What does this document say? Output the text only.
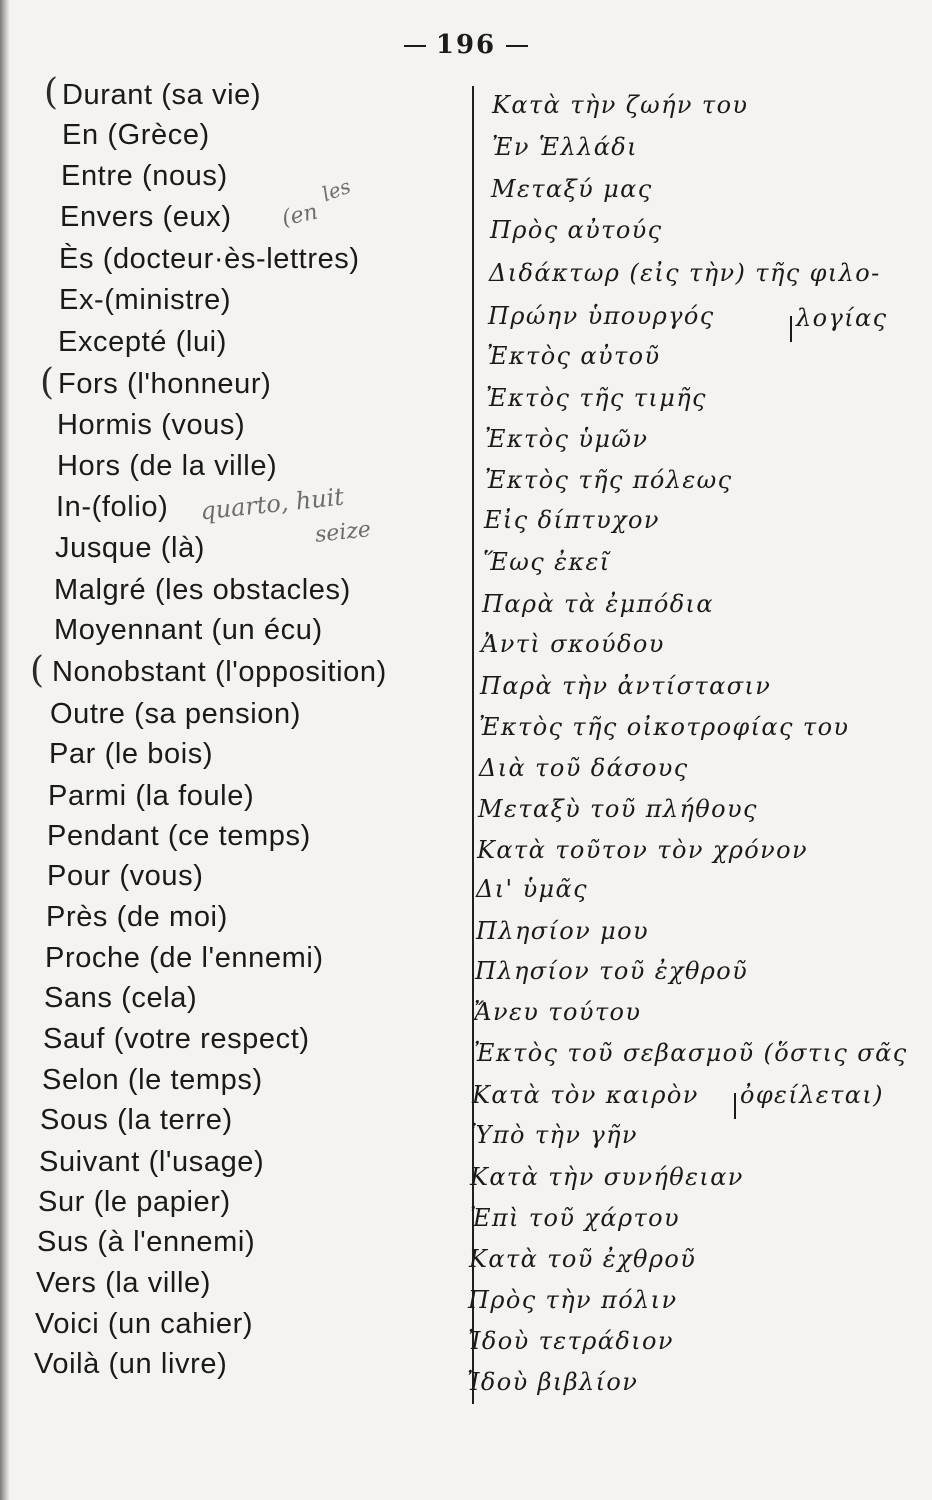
196
Durant (sa vie)
En (Grèce)
Entre (nous)
Envers (eux)
Ès (docteur·ès-lettres)
Ex-(ministre)
Excepté (lui)
Fors (l'honneur)
Hormis (vous)
Hors (de la ville)
In-(folio)
Jusque (là)
Malgré (les obstacles)
Moyennant (un écu)
Nonobstant (l'opposition)
Outre (sa pension)
Par (le bois)
Parmi (la foule)
Pendant (ce temps)
Pour (vous)
Près (de moi)
Proche (de l'ennemi)
Sans (cela)
Sauf (votre respect)
Selon (le temps)
Sous (la terre)
Suivant (l'usage)
Sur (le papier)
Sus (à l'ennemi)
Vers (la ville)
Voici (un cahier)
Voilà (un livre)
(
(
(
(en
les
quarto, huit
seize
Κατὰ τὴν ζωήν του
Ἐν Ἑλλάδι
Μεταξύ μας
Πρὸς αὐτούς
Διδάκτωρ (εἰς τὴν) τῆς φιλο-
Πρώην ὑπουργός
Ἐκτὸς αὐτοῦ
Ἐκτὸς τῆς τιμῆς
Ἐκτὸς ὑμῶν
Ἐκτὸς τῆς πόλεως
Εἰς δίπτυχον
Ἕως ἐκεῖ
Παρὰ τὰ ἐμπόδια
Ἀντὶ σκούδου
Παρὰ τὴν ἀντίστασιν
Ἐκτὸς τῆς οἰκοτροφίας του
Διὰ τοῦ δάσους
Μεταξὺ τοῦ πλήθους
Κατὰ τοῦτον τὸν χρόνον
Δι' ὑμᾶς
Πλησίον μου
Πλησίον τοῦ ἐχθροῦ
Ἄνευ τούτου
Ἐκτὸς τοῦ σεβασμοῦ (ὅστις σᾶς
Κατὰ τὸν καιρὸν
Ὑπὸ τὴν γῆν
Κατὰ τὴν συνήθειαν
Ἐπὶ τοῦ χάρτου
Κατὰ τοῦ ἐχθροῦ
Πρὸς τὴν πόλιν
Ἰδοὺ τετράδιον
Ἰδοὺ βιβλίον
λογίας
ὀφείλεται)
